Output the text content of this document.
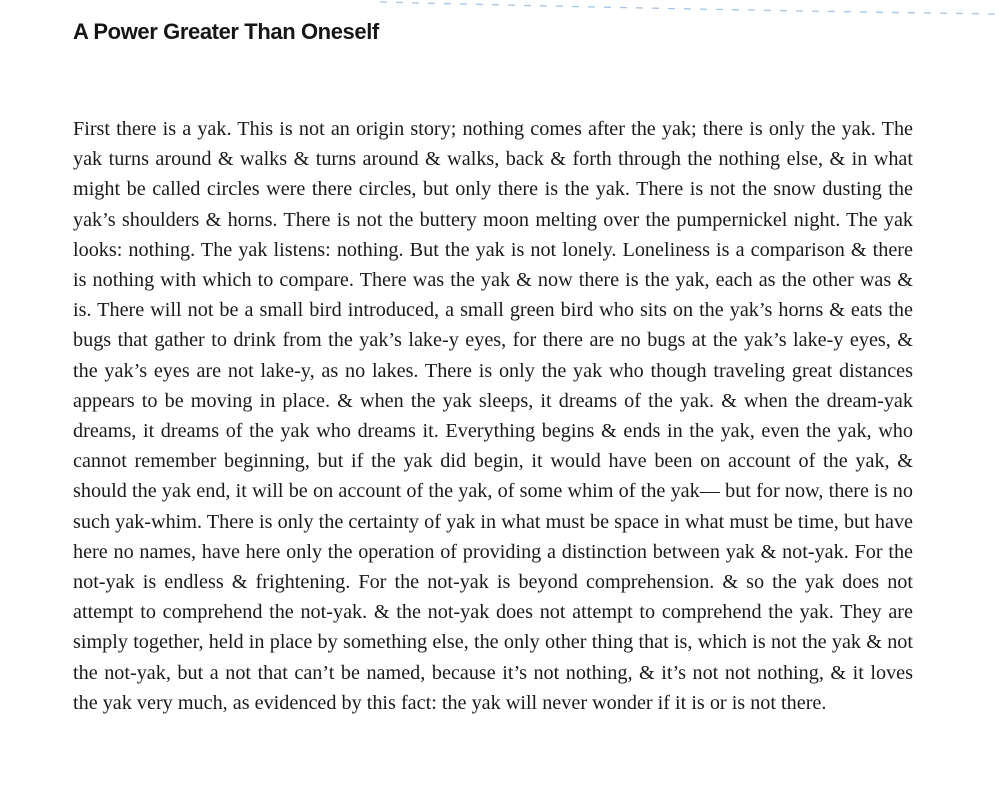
A Power Greater Than Oneself

First there is a yak. This is not an origin story; nothing comes after the yak; there is only the yak. The yak turns around & walks & turns around & walks, back & forth through the nothing else, & in what might be called circles were there circles, but only there is the yak. There is not the snow dusting the yak’s shoulders & horns. There is not the buttery moon melting over the pumpernickel night. The yak looks: nothing. The yak listens: nothing. But the yak is not lonely. Loneliness is a comparison & there is nothing with which to compare. There was the yak & now there is the yak, each as the other was & is. There will not be a small bird introduced, a small green bird who sits on the yak’s horns & eats the bugs that gather to drink from the yak’s lake-y eyes, for there are no bugs at the yak’s lake-y eyes, & the yak’s eyes are not lake-y, as no lakes. There is only the yak who though traveling great distances appears to be moving in place. & when the yak sleeps, it dreams of the yak. & when the dream-yak dreams, it dreams of the yak who dreams it. Everything begins & ends in the yak, even the yak, who cannot remember beginning, but if the yak did begin, it would have been on account of the yak, & should the yak end, it will be on account of the yak, of some whim of the yak— but for now, there is no such yak-whim. There is only the certainty of yak in what must be space in what must be time, but have here no names, have here only the operation of providing a distinction between yak & not-yak. For the not-yak is endless & frightening. For the not-yak is beyond comprehension. & so the yak does not attempt to comprehend the not-yak. & the not-yak does not attempt to comprehend the yak. They are simply together, held in place by something else, the only other thing that is, which is not the yak & not the not-yak, but a not that can’t be named, because it’s not nothing, & it’s not not nothing, & it loves the yak very much, as evidenced by this fact: the yak will never wonder if it is or is not there.
